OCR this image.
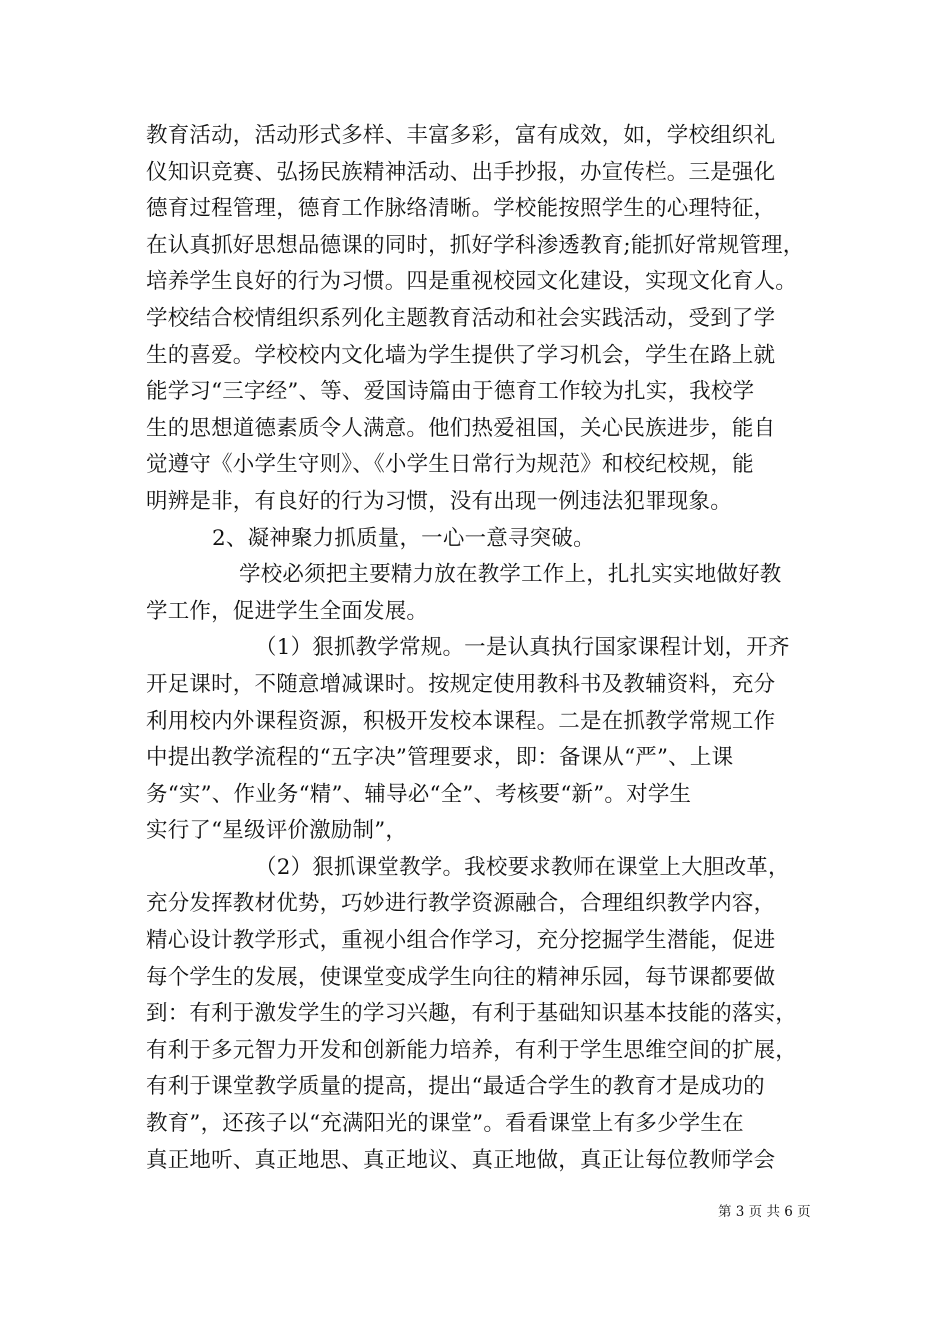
教育活动，活动形式多样、丰富多彩，富有成效，如，学校组织礼
仪知识竞赛、弘扬民族精神活动、出手抄报，办宣传栏。三是强化
德育过程管理，德育工作脉络清晰。学校能按照学生的心理特征，
在认真抓好思想品德课的同时，抓好学科渗透教育;能抓好常规管理，
培养学生良好的行为习惯。四是重视校园文化建设，实现文化育人。
学校结合校情组织系列化主题教育活动和社会实践活动，受到了学
生的喜爱。学校校内文化墙为学生提供了学习机会，学生在路上就
能学习“三字经”、等、爱国诗篇由于德育工作较为扎实，我校学
生的思想道德素质令人满意。他们热爱祖国，关心民族进步，能自
觉遵守《小学生守则》、《小学生日常行为规范》和校纪校规，能
明辨是非，有良好的行为习惯，没有出现一例违法犯罪现象。
2、凝神聚力抓质量，一心一意寻突破。
学校必须把主要精力放在教学工作上，扎扎实实地做好教
学工作，促进学生全面发展。
（1）狠抓教学常规。一是认真执行国家课程计划，开齐
开足课时，不随意增减课时。按规定使用教科书及教辅资料，充分
利用校内外课程资源，积极开发校本课程。二是在抓教学常规工作
中提出教学流程的“五字决”管理要求，即：备课从“严”、上课
务“实”、作业务“精”、辅导必“全”、考核要“新”。对学生
实行了“星级评价激励制”，
（2）狠抓课堂教学。我校要求教师在课堂上大胆改革，
充分发挥教材优势，巧妙进行教学资源融合，合理组织教学内容，
精心设计教学形式，重视小组合作学习，充分挖掘学生潜能，促进
每个学生的发展，使课堂变成学生向往的精神乐园，每节课都要做
到：有利于激发学生的学习兴趣，有利于基础知识基本技能的落实，
有利于多元智力开发和创新能力培养，有利于学生思维空间的扩展，
有利于课堂教学质量的提高，提出“最适合学生的教育才是成功的
教育”，还孩子以“充满阳光的课堂”。看看课堂上有多少学生在
真正地听、真正地思、真正地议、真正地做，真正让每位教师学会
第 3 页 共 6 页
